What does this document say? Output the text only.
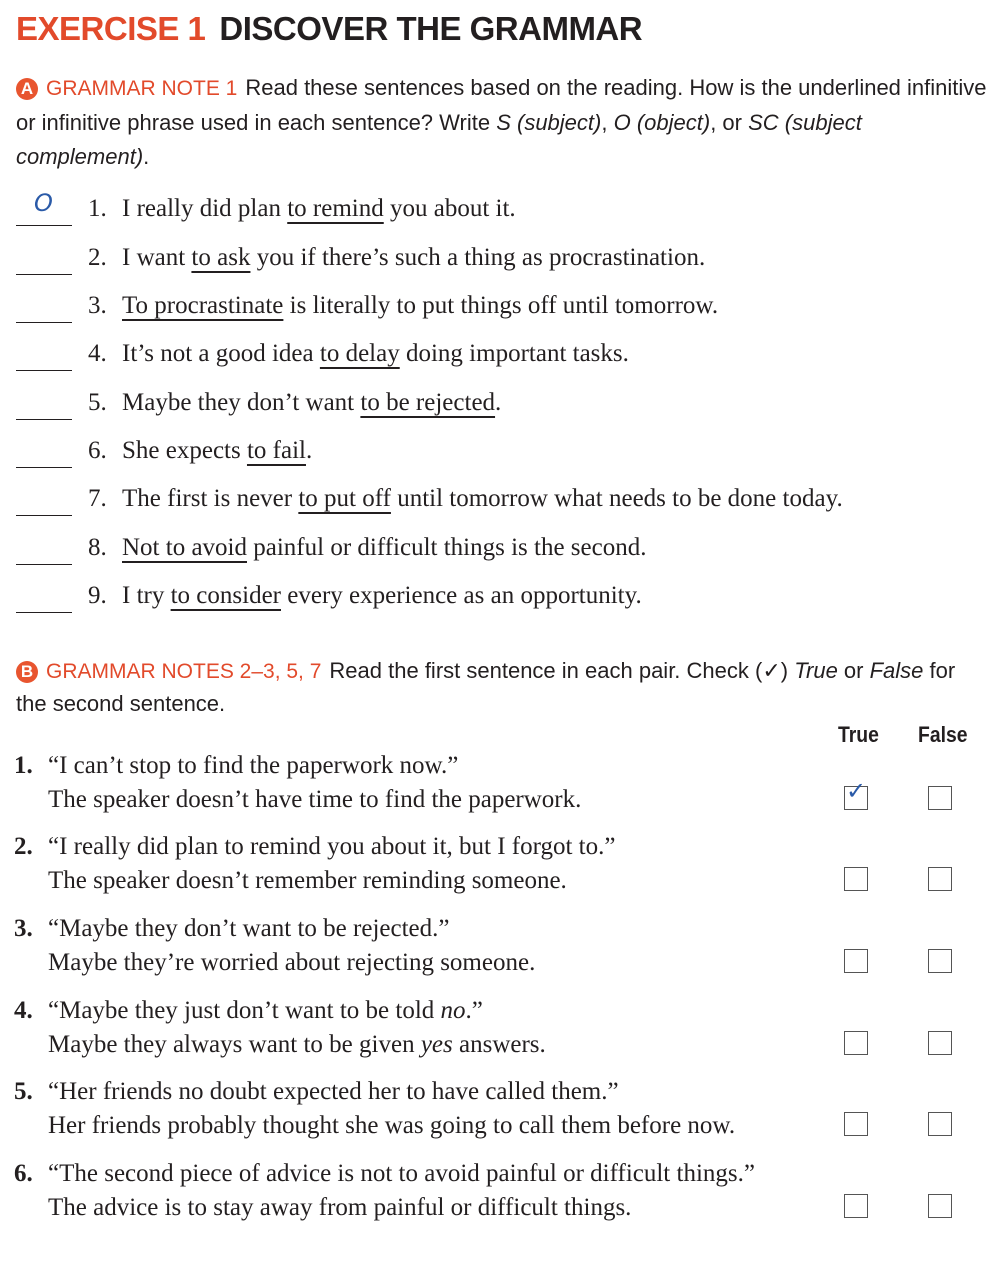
EXERCISE 1 DISCOVER THE GRAMMAR
A GRAMMAR NOTE 1 Read these sentences based on the reading. How is the underlined infinitive or infinitive phrase used in each sentence? Write S (subject), O (object), or SC (subject complement).
O 1. I really did plan to remind you about it.
2. I want to ask you if there’s such a thing as procrastination.
3. To procrastinate is literally to put things off until tomorrow.
4. It’s not a good idea to delay doing important tasks.
5. Maybe they don’t want to be rejected.
6. She expects to fail.
7. The first is never to put off until tomorrow what needs to be done today.
8. Not to avoid painful or difficult things is the second.
9. I try to consider every experience as an opportunity.
B GRAMMAR NOTES 2–3, 5, 7 Read the first sentence in each pair. Check (✓) True or False for the second sentence.
True False
1. “I can’t stop to find the paperwork now.”
The speaker doesn’t have time to find the paperwork.	✓
2. “I really did plan to remind you about it, but I forgot to.”
The speaker doesn’t remember reminding someone.
3. “Maybe they don’t want to be rejected.”
Maybe they’re worried about rejecting someone.
4. “Maybe they just don’t want to be told no.”
Maybe they always want to be given yes answers.
5. “Her friends no doubt expected her to have called them.”
Her friends probably thought she was going to call them before now.
6. “The second piece of advice is not to avoid painful or difficult things.”
The advice is to stay away from painful or difficult things.
